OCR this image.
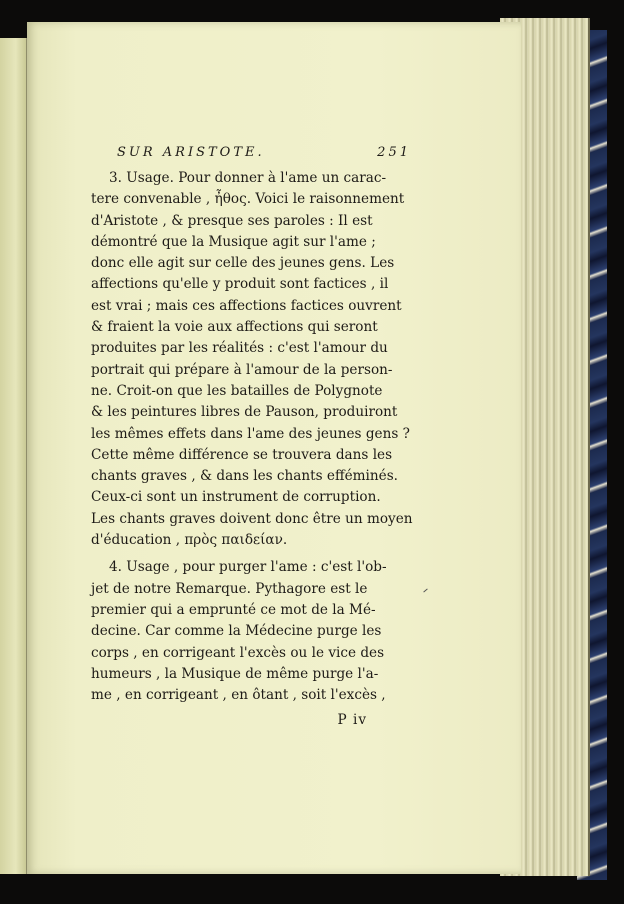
SUR ARISTOTE.	251
3. Usage. Pour donner à l'ame un carac-
tere convenable , ἦθος. Voici le raisonnement
d'Aristote , & presque ses paroles : Il est
démontré que la Musique agit sur l'ame ;
donc elle agit sur celle des jeunes gens. Les
affections qu'elle y produit sont factices , il
est vrai ; mais ces affections factices ouvrent
& fraient la voie aux affections qui seront
produites par les réalités : c'est l'amour du
portrait qui prépare à l'amour de la person-
ne. Croit-on que les batailles de Polygnote
& les peintures libres de Pauson, produiront
les mêmes effets dans l'ame des jeunes gens ?
Cette même différence se trouvera dans les
chants graves , & dans les chants efféminés.
Ceux-ci sont un instrument de corruption.
Les chants graves doivent donc être un moyen
d'éducation , πρὸς παιδείαν.
4. Usage , pour purger l'ame : c'est l'ob-
jet de notre Remarque. Pythagore est le
premier qui a emprunté ce mot de la Mé-
decine. Car comme la Médecine purge les
corps , en corrigeant l'excès ou le vice des
humeurs , la Musique de même purge l'a-
me , en corrigeant , en ôtant , soit l'excès ,
P iv
